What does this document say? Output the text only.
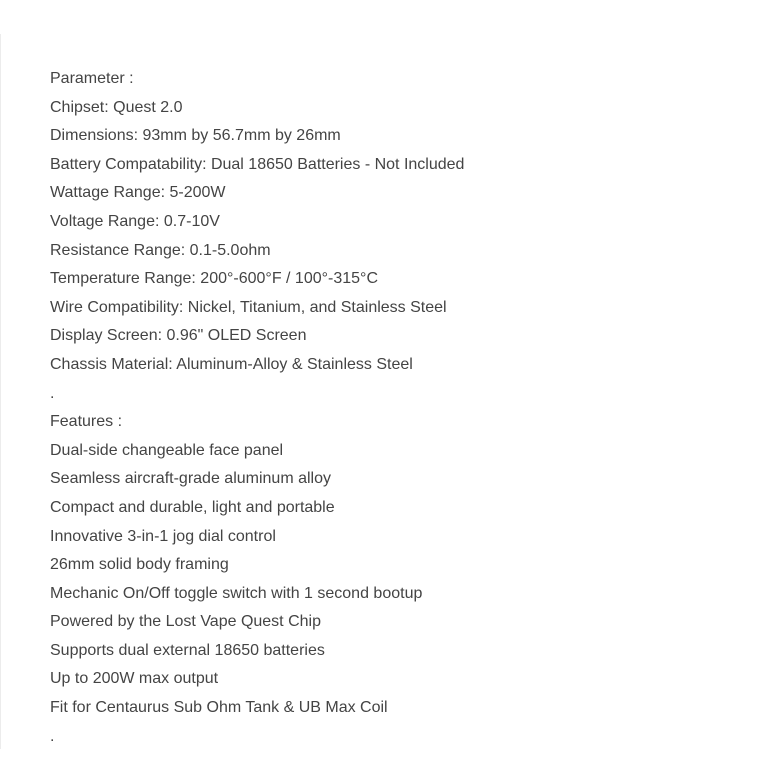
Parameter :
Chipset: Quest 2.0
Dimensions: 93mm by 56.7mm by 26mm
Battery Compatability: Dual 18650 Batteries - Not Included
Wattage Range: 5-200W
Voltage Range: 0.7-10V
Resistance Range: 0.1-5.0ohm
Temperature Range: 200°-600°F / 100°-315°C
Wire Compatibility: Nickel, Titanium, and Stainless Steel
Display Screen: 0.96" OLED Screen
Chassis Material: Aluminum-Alloy & Stainless Steel
.
Features :
Dual-side changeable face panel
Seamless aircraft-grade aluminum alloy
Compact and durable, light and portable
Innovative 3-in-1 jog dial control
26mm solid body framing
Mechanic On/Off toggle switch with 1 second bootup
Powered by the Lost Vape Quest Chip
Supports dual external 18650 batteries
Up to 200W max output
Fit for Centaurus Sub Ohm Tank & UB Max Coil
.
